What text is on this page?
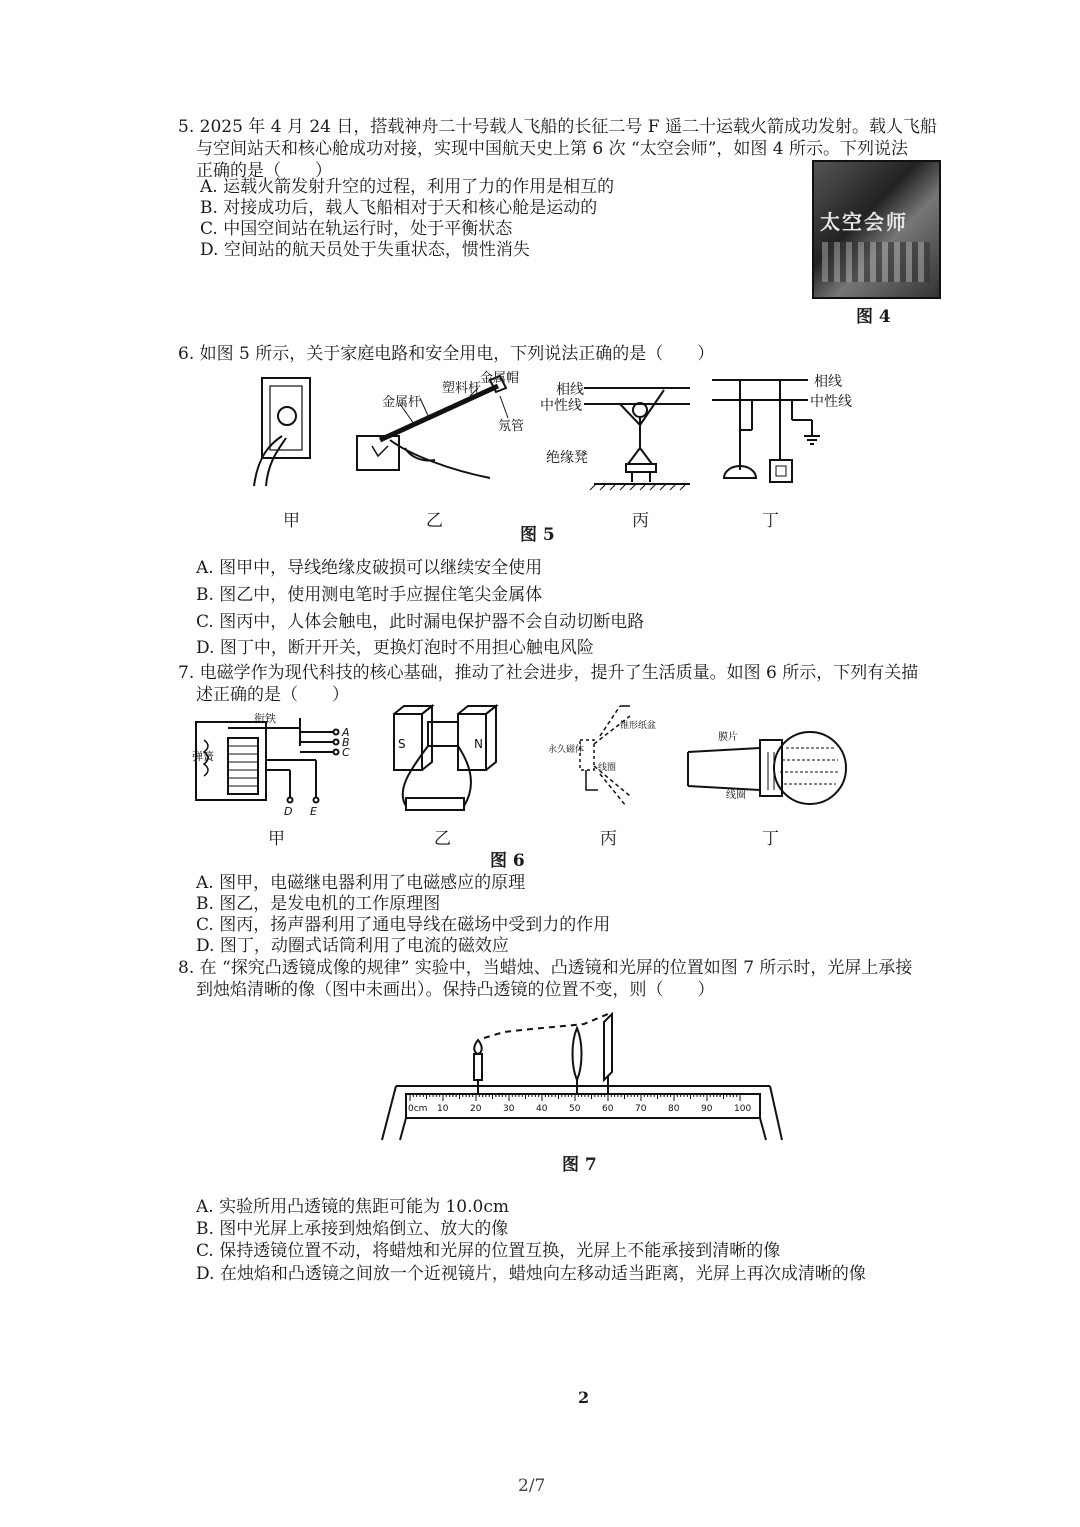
5. 2025 年 4 月 24 日，搭载神舟二十号载人飞船的长征二号 F 遥二十运载火箭成功发射。载人飞船
与空间站天和核心舱成功对接，实现中国航天史上第 6 次 “太空会师”，如图 4 所示。下列说法
正确的是（　　）
A. 运载火箭发射升空的过程，利用了力的作用是相互的
B. 对接成功后，载人飞船相对于天和核心舱是运动的
C. 中国空间站在轨运行时，处于平衡状态
D. 空间站的航天员处于失重状态，惯性消失
太空会师
图 4
6. 如图 5 所示，关于家庭电路和安全用电，下列说法正确的是（　　）
塑料杆
金属帽
金属杆
氖管
相线
中性线
绝缘凳
相线
中性线
甲	乙	丙	丁
图 5
A. 图甲中，导线绝缘皮破损可以继续安全使用
B. 图乙中，使用测电笔时手应握住笔尖金属体
C. 图丙中，人体会触电，此时漏电保护器不会自动切断电路
D. 图丁中，断开开关，更换灯泡时不用担心触电风险
7. 电磁学作为现代科技的核心基础，推动了社会进步，提升了生活质量。如图 6 所示，下列有关描
述正确的是（　　）
衔铁
A
B
C
D E
弹簧
S	N	永久磁体
锥形纸盆
线圈
膜片
线圈
甲	乙	丙	丁
图 6
A. 图甲，电磁继电器利用了电磁感应的原理
B. 图乙，是发电机的工作原理图
C. 图丙，扬声器利用了通电导线在磁场中受到力的作用
D. 图丁，动圈式话筒利用了电流的磁效应
8. 在 “探究凸透镜成像的规律” 实验中，当蜡烛、凸透镜和光屏的位置如图 7 所示时，光屏上承接
到烛焰清晰的像（图中未画出）。保持凸透镜的位置不变，则（　　）
0cm 10 20 30 40 50 60 70 80 90 100
图 7
A. 实验所用凸透镜的焦距可能为 10.0cm
B. 图中光屏上承接到烛焰倒立、放大的像
C. 保持透镜位置不动，将蜡烛和光屏的位置互换，光屏上不能承接到清晰的像
D. 在烛焰和凸透镜之间放一个近视镜片，蜡烛向左移动适当距离，光屏上再次成清晰的像
2
2/7
